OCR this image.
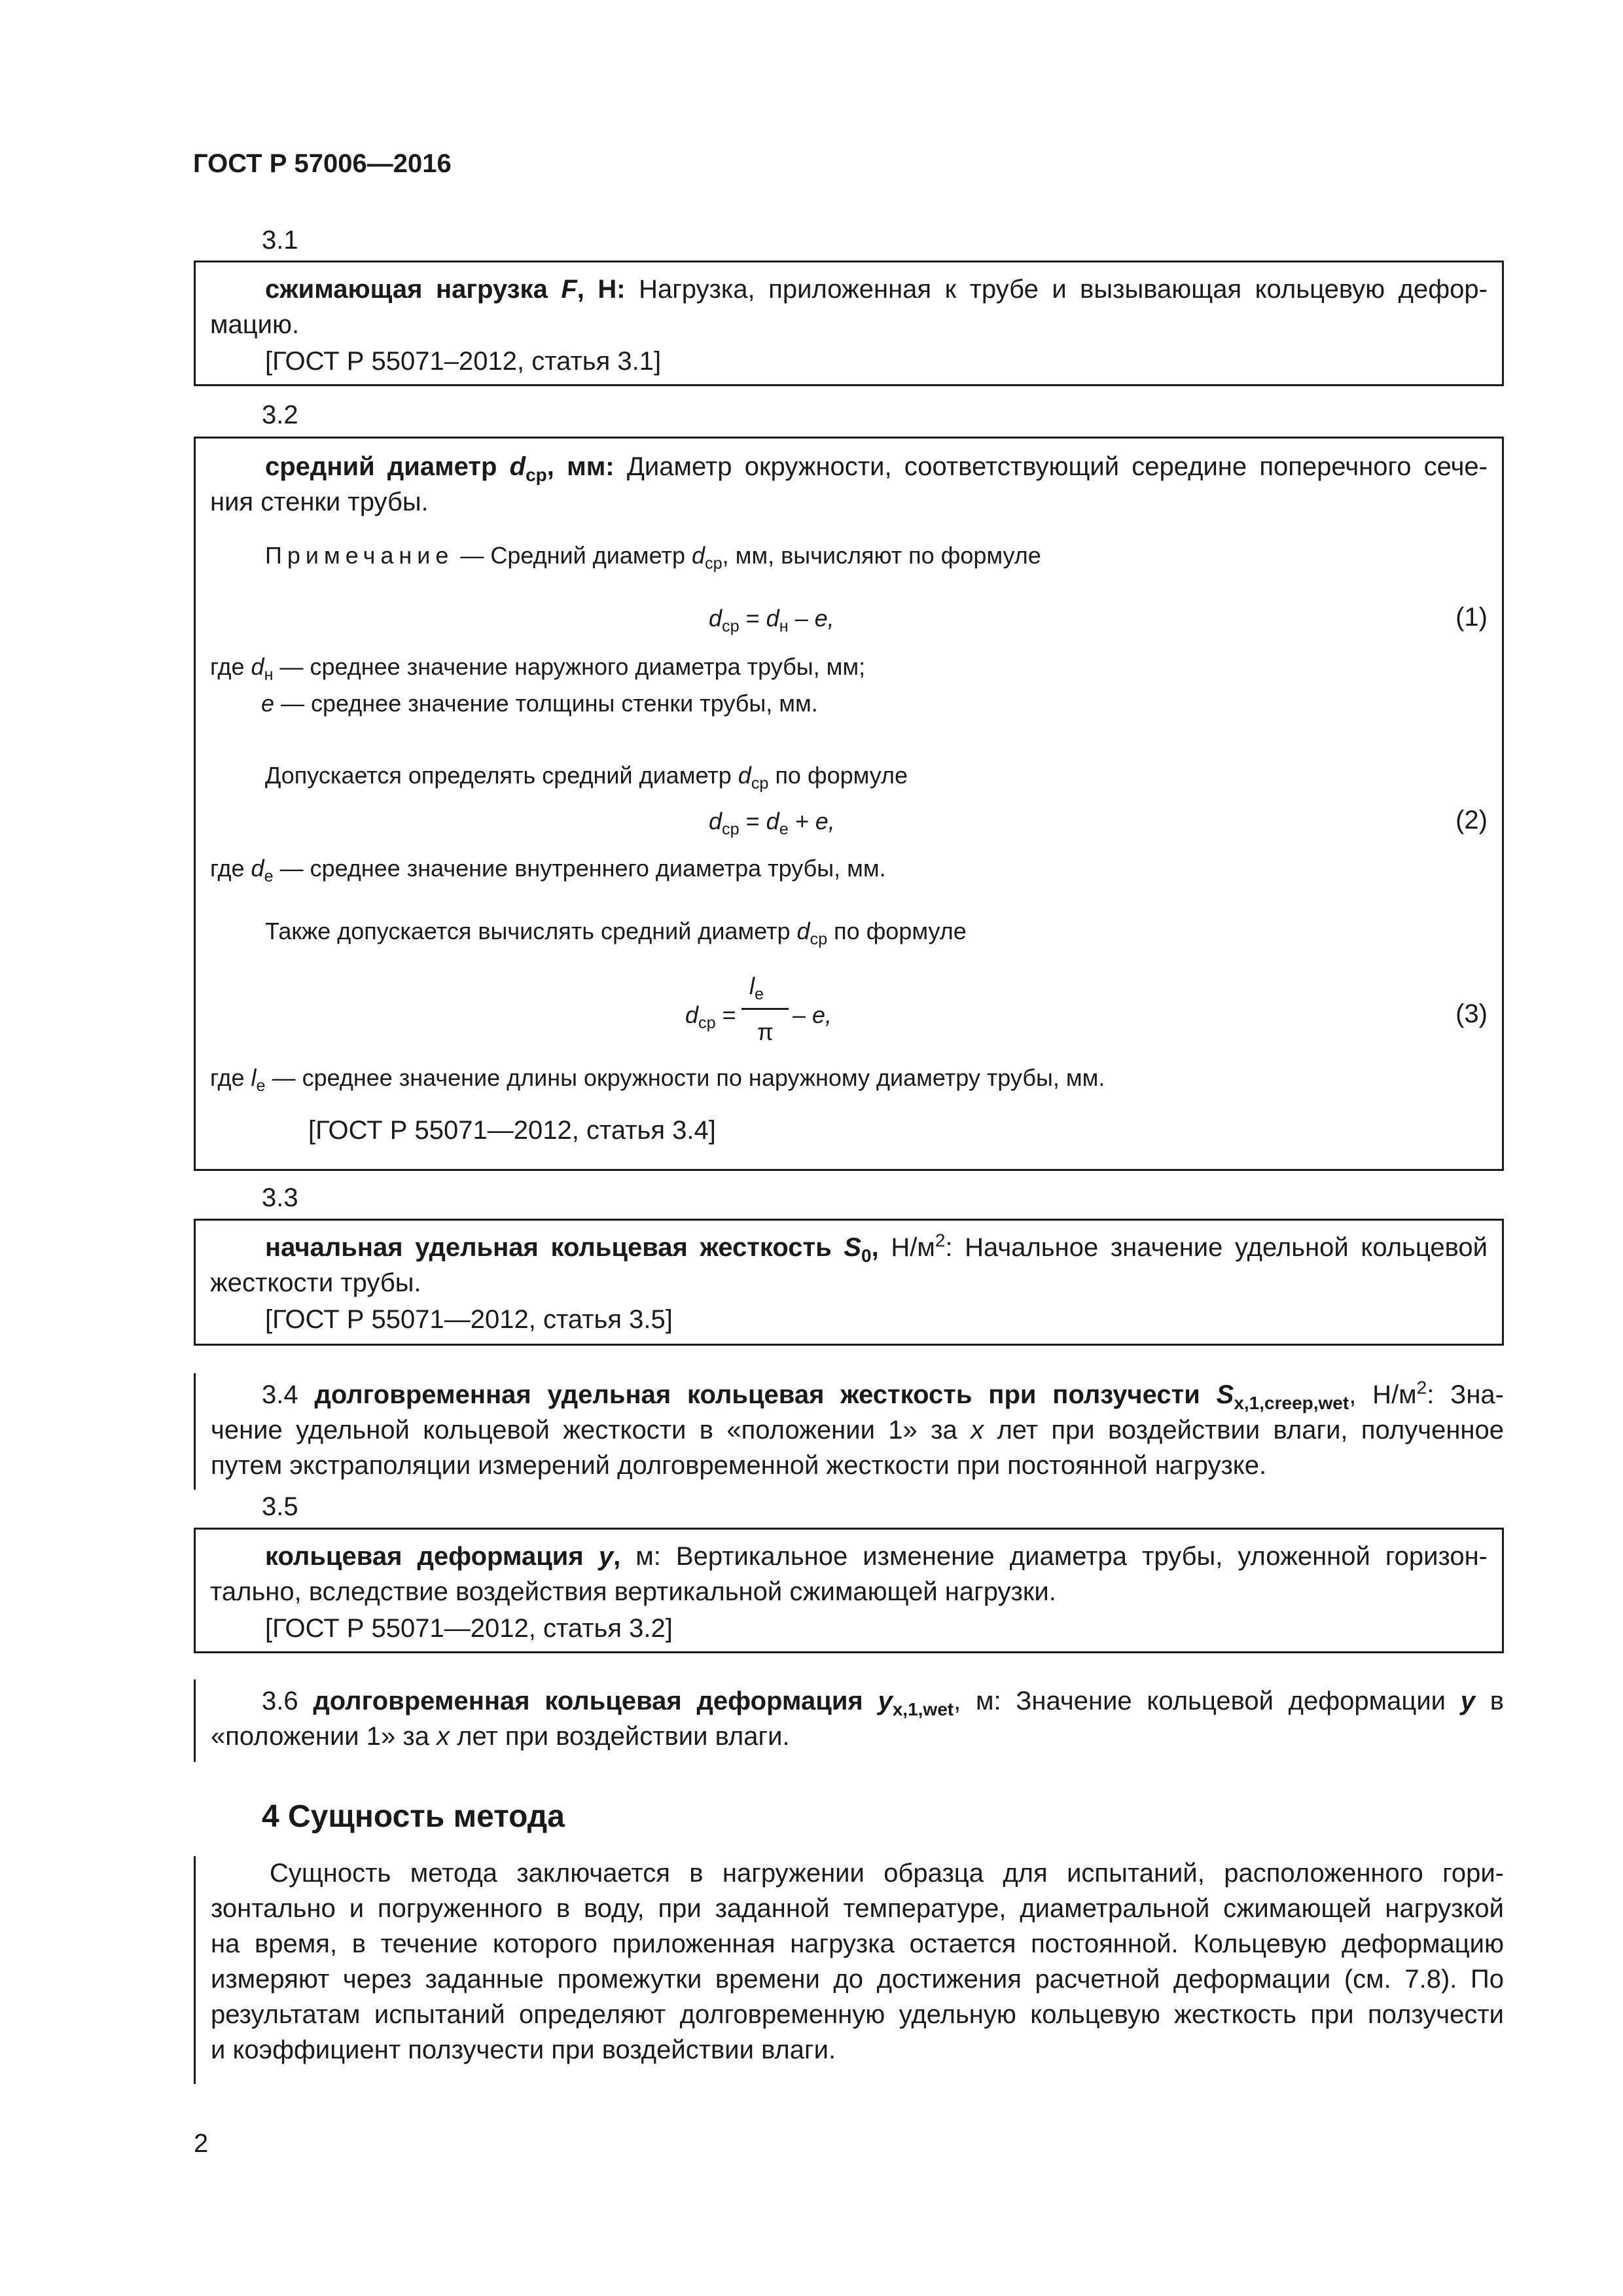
ГОСТ Р 57006—2016
3.1
сжимающая нагрузка F, Н: Нагрузка, приложенная к трубе и вызывающая кольцевую дефор-
мацию.
[ГОСТ Р 55071–2012, статья 3.1]
3.2
средний диаметр $d_{ср}$, мм: Диаметр окружности, соответствующий середине поперечного сече-
ния стенки трубы.
Примечание — Средний диаметр $d_{ср}$, мм, вычисляют по формуле
$d_{ср} = d_н - e$,	(1)
где $d_н$ — среднее значение наружного диаметра трубы, мм;
e — среднее значение толщины стенки трубы, мм.
Допускается определять средний диаметр $d_{ср}$ по формуле
$d_{ср} = d_е + e$,	(2)
где $d_e$ — среднее значение внутреннего диаметра трубы, мм.
Также допускается вычислять средний диаметр $d_{ср}$ по формуле
$d_{ср}$ =
$l_е$
π
– e,	(3)
где $l_е$ — среднее значение длины окружности по наружному диаметру трубы, мм.
[ГОСТ Р 55071—2012, статья 3.4]
3.3
начальная удельная кольцевая жесткость $S_0$, $Н/м^2$: Начальное значение удельной кольцевой
жесткости трубы.
[ГОСТ Р 55071—2012, статья 3.5]
3.4 долговременная удельная кольцевая жесткость при ползучести $S_{x,1,creep,wet}$, $Н/м^2$: Зна-
чение удельной кольцевой жесткости в «положении 1» за x лет при воздействии влаги, полученное
путем экстраполяции измерений долговременной жесткости при постоянной нагрузке.
3.5
кольцевая деформация y, м: Вертикальное изменение диаметра трубы, уложенной горизон-
тально, вследствие воздействия вертикальной сжимающей нагрузки.
[ГОСТ Р 55071—2012, статья 3.2]
3.6 долговременная кольцевая деформация $y_{x,1,wet}$, м: Значение кольцевой деформации y в
«положении 1» за x лет при воздействии влаги.
4 Сущность метода
Сущность метода заключается в нагружении образца для испытаний, расположенного гори-
зонтально и погруженного в воду, при заданной температуре, диаметральной сжимающей нагрузкой
на время, в течение которого приложенная нагрузка остается постоянной. Кольцевую деформацию
измеряют через заданные промежутки времени до достижения расчетной деформации (см. 7.8). По
результатам испытаний определяют долговременную удельную кольцевую жесткость при ползучести
и коэффициент ползучести при воздействии влаги.
2
